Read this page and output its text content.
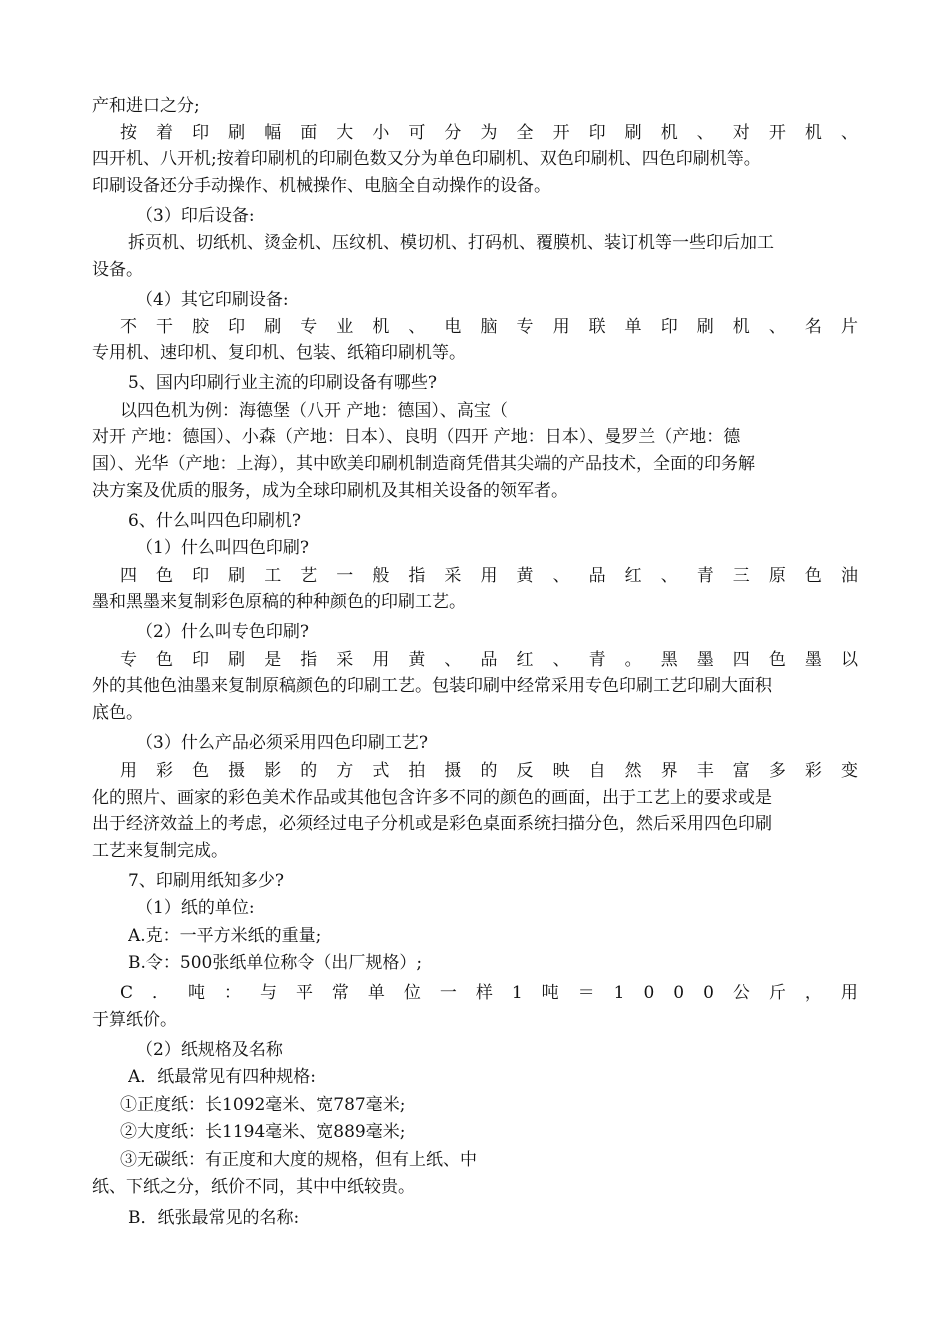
产和进口之分;
按 着 印 刷 幅 面 大 小 可 分 为 全 开 印 刷 机 、 对 开 机 、
四开机、八开机;按着印刷机的印刷色数又分为单色印刷机、双色印刷机、四色印刷机等。
印刷设备还分手动操作、机械操作、电脑全自动操作的设备。
（3）印后设备:
拆页机、切纸机、烫金机、压纹机、模切机、打码机、覆膜机、装订机等一些印后加工
设备。
（4）其它印刷设备:
不 干 胶 印 刷 专 业 机 、 电 脑 专 用 联 单 印 刷 机 、 名 片
专用机、速印机、复印机、包装、纸箱印刷机等。
5、国内印刷行业主流的印刷设备有哪些?
以四色机为例：海德堡（八开 产地：德国）、高宝（
对开 产地：德国）、小森（产地：日本）、良明（四开 产地：日本）、曼罗兰（产地：德
国）、光华（产地：上海），其中欧美印刷机制造商凭借其尖端的产品技术，全面的印务解
决方案及优质的服务，成为全球印刷机及其相关设备的领军者。
6、什么叫四色印刷机?
（1）什么叫四色印刷?
四 色 印 刷 工 艺 一 般 指 采 用 黄 、 品 红 、 青 三 原 色 油
墨和黑墨来复制彩色原稿的种种颜色的印刷工艺。
（2）什么叫专色印刷?
专 色 印 刷 是 指 采 用 黄 、 品 红 、 青 。 黑 墨 四 色 墨 以
外的其他色油墨来复制原稿颜色的印刷工艺。包装印刷中经常采用专色印刷工艺印刷大面积
底色。
（3）什么产品必须采用四色印刷工艺?
用 彩 色 摄 影 的 方 式 拍 摄 的 反 映 自 然 界 丰 富 多 彩 变
化的照片、画家的彩色美术作品或其他包含许多不同的颜色的画面，出于工艺上的要求或是
出于经济效益上的考虑，必须经过电子分机或是彩色桌面系统扫描分色，然后采用四色印刷
工艺来复制完成。
7、印刷用纸知多少?
（1）纸的单位:
A.克：一平方米纸的重量;
B.令：500张纸单位称令（出厂规格）;
C ． 吨 ： 与 平 常 单 位 一 样 1 吨 ＝ 1 0 0 0 公 斤 ， 用
于算纸价。
（2）纸规格及名称
A．纸最常见有四种规格:
①正度纸：长1092毫米、宽787毫米;
②大度纸：长1194毫米、宽889毫米;
③无碳纸：有正度和大度的规格，但有上纸、中
纸、下纸之分，纸价不同，其中中纸较贵。
B．纸张最常见的名称:
